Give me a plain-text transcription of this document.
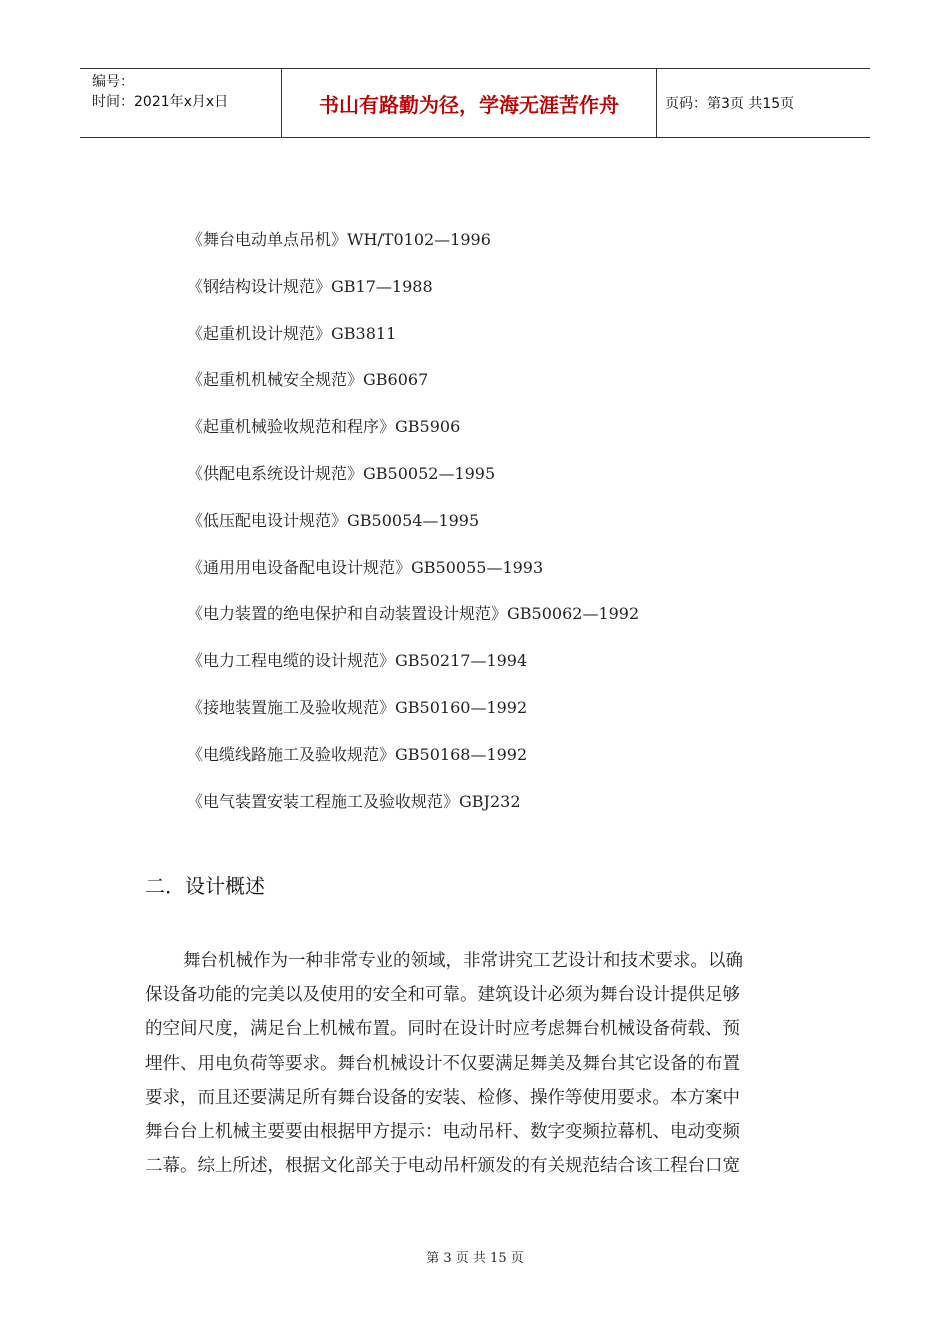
编号：
时间：2021年x月x日	书山有路勤为径，学海无涯苦作舟	页码：第3页 共15页
《舞台电动单点吊机》WH/T0102—1996
《钢结构设计规范》GB17—1988
《起重机设计规范》GB3811
《起重机机械安全规范》GB6067
《起重机械验收规范和程序》GB5906
《供配电系统设计规范》GB50052—1995
《低压配电设计规范》GB50054—1995
《通用用电设备配电设计规范》GB50055—1993
《电力装置的绝电保护和自动装置设计规范》GB50062—1992
《电力工程电缆的设计规范》GB50217—1994
《接地装置施工及验收规范》GB50160—1992
《电缆线路施工及验收规范》GB50168—1992
《电气装置安装工程施工及验收规范》GBJ232
二．设计概述
舞台机械作为一种非常专业的领域，非常讲究工艺设计和技术要求。以确
保设备功能的完美以及使用的安全和可靠。建筑设计必须为舞台设计提供足够
的空间尺度，满足台上机械布置。同时在设计时应考虑舞台机械设备荷载、预
埋件、用电负荷等要求。舞台机械设计不仅要满足舞美及舞台其它设备的布置
要求，而且还要满足所有舞台设备的安装、检修、操作等使用要求。本方案中
舞台台上机械主要要由根据甲方提示：电动吊杆、数字变频拉幕机、电动变频
二幕。综上所述，根据文化部关于电动吊杆颁发的有关规范结合该工程台口宽
第 3 页 共 15 页
